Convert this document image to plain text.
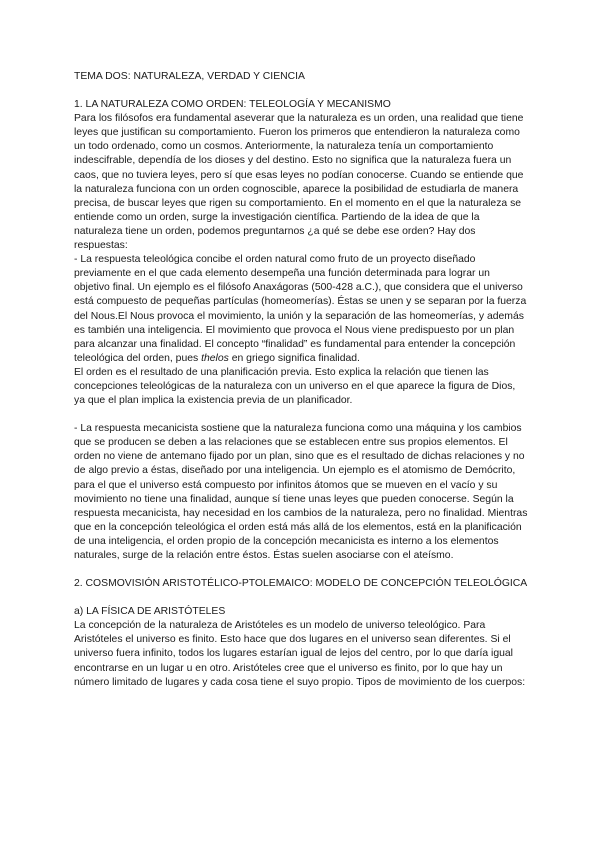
TEMA DOS: NATURALEZA, VERDAD Y CIENCIA

1. LA NATURALEZA COMO ORDEN: TELEOLOGÍA Y MECANISMO

Para los filósofos era fundamental aseverar que la naturaleza es un orden, una realidad que tiene leyes que justifican su comportamiento. Fueron los primeros que entendieron la naturaleza como un todo ordenado, como un cosmos. Anteriormente, la naturaleza tenía un comportamiento indescifrable, dependía de los dioses y del destino. Esto no significa que la naturaleza fuera un caos, que no tuviera leyes, pero sí que esas leyes no podían conocerse. Cuando se entiende que la naturaleza funciona con un orden cognoscible, aparece la posibilidad de estudiarla de manera precisa, de buscar leyes que rigen su comportamiento. En el momento en el que la naturaleza se entiende como un orden, surge la investigación científica. Partiendo de la idea de que la naturaleza tiene un orden, podemos preguntarnos ¿a qué se debe ese orden? Hay dos respuestas:

- La respuesta teleológica concibe el orden natural como fruto de un proyecto diseñado previamente en el que cada elemento desempeña una función determinada para lograr un objetivo final. Un ejemplo es el filósofo Anaxágoras (500-428 a.C.), que considera que el universo está compuesto de pequeñas partículas (homeomerías). Éstas se unen y se separan por la fuerza del Nous.El Nous provoca el movimiento, la unión y la separación de las homeomerías, y además es también una inteligencia. El movimiento que provoca el Nous viene predispuesto por un plan para alcanzar una finalidad. El concepto “finalidad” es fundamental para entender la concepción teleológica del orden, pues thelos en griego significa finalidad.

El orden es el resultado de una planificación previa. Esto explica la relación que tienen las concepciones teleológicas de la naturaleza con un universo en el que aparece la figura de Dios, ya que el plan implica la existencia previa de un planificador.

- La respuesta mecanicista sostiene que la naturaleza funciona como una máquina y los cambios que se producen se deben a las relaciones que se establecen entre sus propios elementos. El orden no viene de antemano fijado por un plan, sino que es el resultado de dichas relaciones y no de algo previo a éstas, diseñado por una inteligencia. Un ejemplo es el atomismo de Demócrito, para el que el universo está compuesto por infinitos átomos que se mueven en el vacío y su movimiento no tiene una finalidad, aunque sí tiene unas leyes que pueden conocerse. Según la respuesta mecanicista, hay necesidad en los cambios de la naturaleza, pero no finalidad. Mientras que en la concepción teleológica el orden está más allá de los elementos, está en la planificación de una inteligencia, el orden propio de la concepción mecanicista es interno a los elementos naturales, surge de la relación entre éstos. Éstas suelen asociarse con el ateísmo.

2. COSMOVISIÓN ARISTOTÉLICO-PTOLEMAICO: MODELO DE CONCEPCIÓN TELEOLÓGICA

a) LA FÍSICA DE ARISTÓTELES

La concepción de la naturaleza de Aristóteles es un modelo de universo teleológico. Para Aristóteles el universo es finito. Esto hace que dos lugares en el universo sean diferentes. Si el universo fuera infinito, todos los lugares estarían igual de lejos del centro, por lo que daría igual encontrarse en un lugar u en otro. Aristóteles cree que el universo es finito, por lo que hay un número limitado de lugares y cada cosa tiene el suyo propio. Tipos de movimiento de los cuerpos:
